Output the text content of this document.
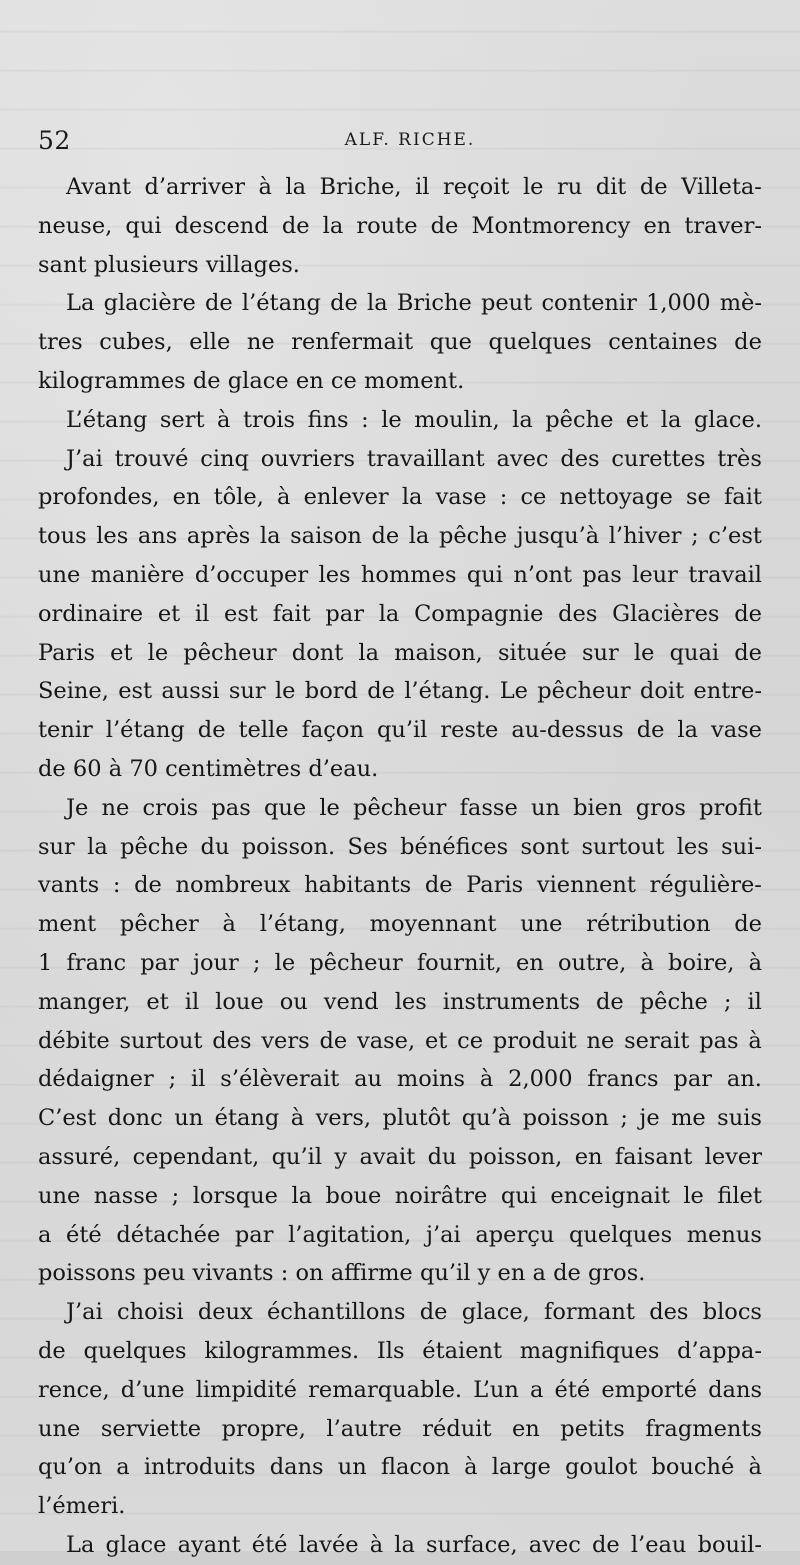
52	ALF. RICHE.
Avant d’arriver à la Briche, il reçoit le ru dit de Villeta-
neuse, qui descend de la route de Montmorency en traver-
sant plusieurs villages.
La glacière de l’étang de la Briche peut contenir 1,000 mè-
tres cubes, elle ne renfermait que quelques centaines de
kilogrammes de glace en ce moment.
L’étang sert à trois fins : le moulin, la pêche et la glace.
J’ai trouvé cinq ouvriers travaillant avec des curettes très
profondes, en tôle, à enlever la vase : ce nettoyage se fait
tous les ans après la saison de la pêche jusqu’à l’hiver ; c’est
une manière d’occuper les hommes qui n’ont pas leur travail
ordinaire et il est fait par la Compagnie des Glacières de
Paris et le pêcheur dont la maison, située sur le quai de
Seine, est aussi sur le bord de l’étang. Le pêcheur doit entre-
tenir l’étang de telle façon qu’il reste au-dessus de la vase
de 60 à 70 centimètres d’eau.
Je ne crois pas que le pêcheur fasse un bien gros profit
sur la pêche du poisson. Ses bénéfices sont surtout les sui-
vants : de nombreux habitants de Paris viennent régulière-
ment pêcher à l’étang, moyennant une rétribution de
1 franc par jour ; le pêcheur fournit, en outre, à boire, à
manger, et il loue ou vend les instruments de pêche ; il
débite surtout des vers de vase, et ce produit ne serait pas à
dédaigner ; il s’élèverait au moins à 2,000 francs par an.
C’est donc un étang à vers, plutôt qu’à poisson ; je me suis
assuré, cependant, qu’il y avait du poisson, en faisant lever
une nasse ; lorsque la boue noirâtre qui enceignait le filet
a été détachée par l’agitation, j’ai aperçu quelques menus
poissons peu vivants : on affirme qu’il y en a de gros.
J’ai choisi deux échantillons de glace, formant des blocs
de quelques kilogrammes. Ils étaient magnifiques d’appa-
rence, d’une limpidité remarquable. L’un a été emporté dans
une serviette propre, l’autre réduit en petits fragments
qu’on a introduits dans un flacon à large goulot bouché à
l’émeri.
La glace ayant été lavée à la surface, avec de l’eau bouil-
